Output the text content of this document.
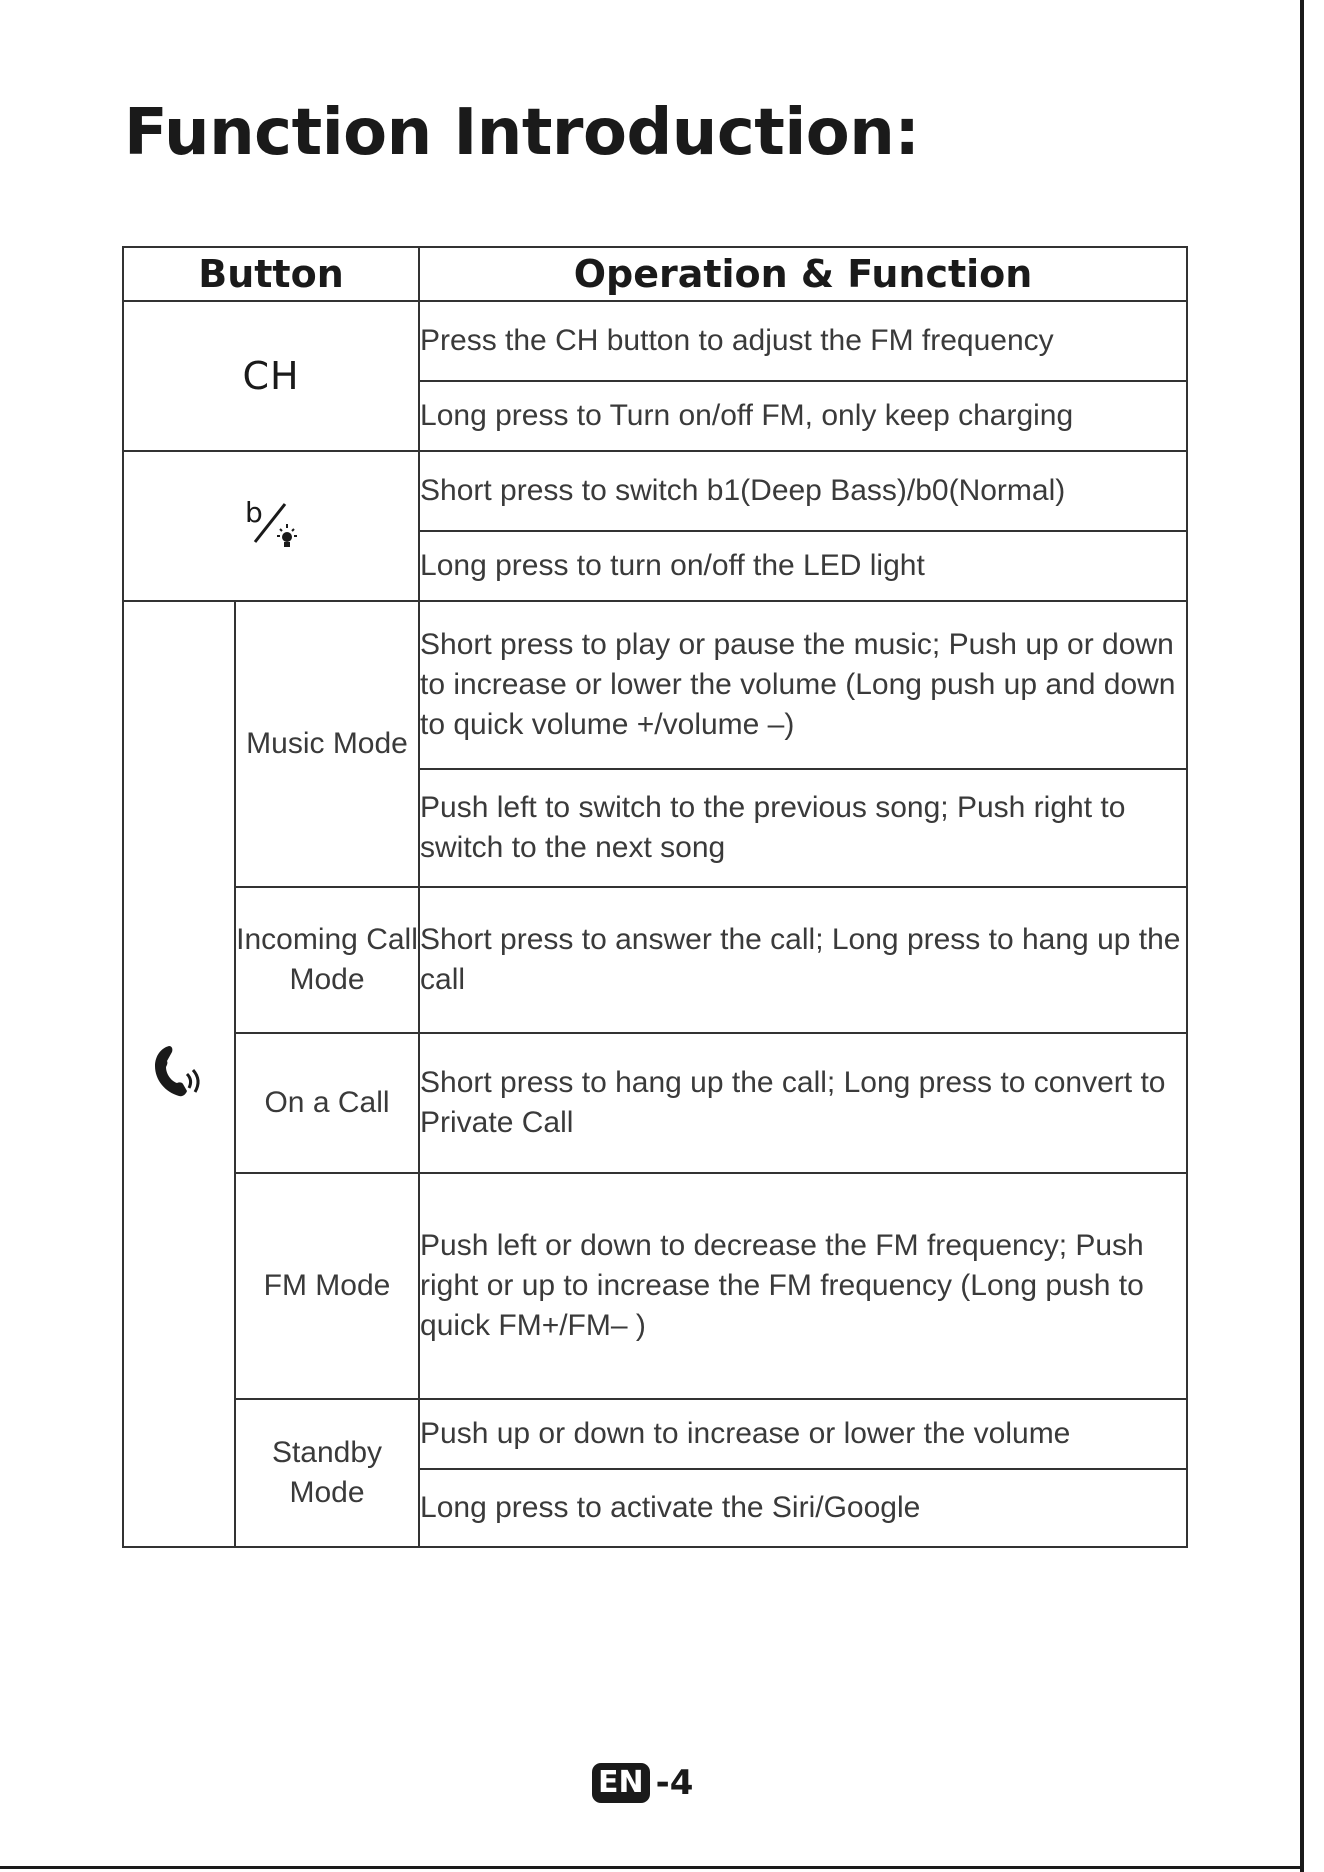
Function Introduction:
Button		Operation & Function
CH		Press the CH button to adjust the FM frequency
		Long press to Turn on/off FM, only keep charging

b		Short press to switch b1(Deep Bass)/b0(Normal)
		Long press to turn on/off the LED light
	Music Mode	Short press to play or pause the music; Push up or down to increase or lower the volume (Long push up and down to quick volume +/volume –)
		Push left to switch to the previous song; Push right to switch to the next song
	Incoming Call Mode	Short press to answer the call; Long press to hang up the call
	On a Call	Short press to hang up the call; Long press to convert to Private Call
	FM Mode	Push left or down to decrease the FM frequency; Push right or up to increase the FM frequency (Long push to quick FM+/FM– )
	Standby Mode	Push up or down to increase or lower the volume
		Long press to activate the Siri/Google
EN -4
